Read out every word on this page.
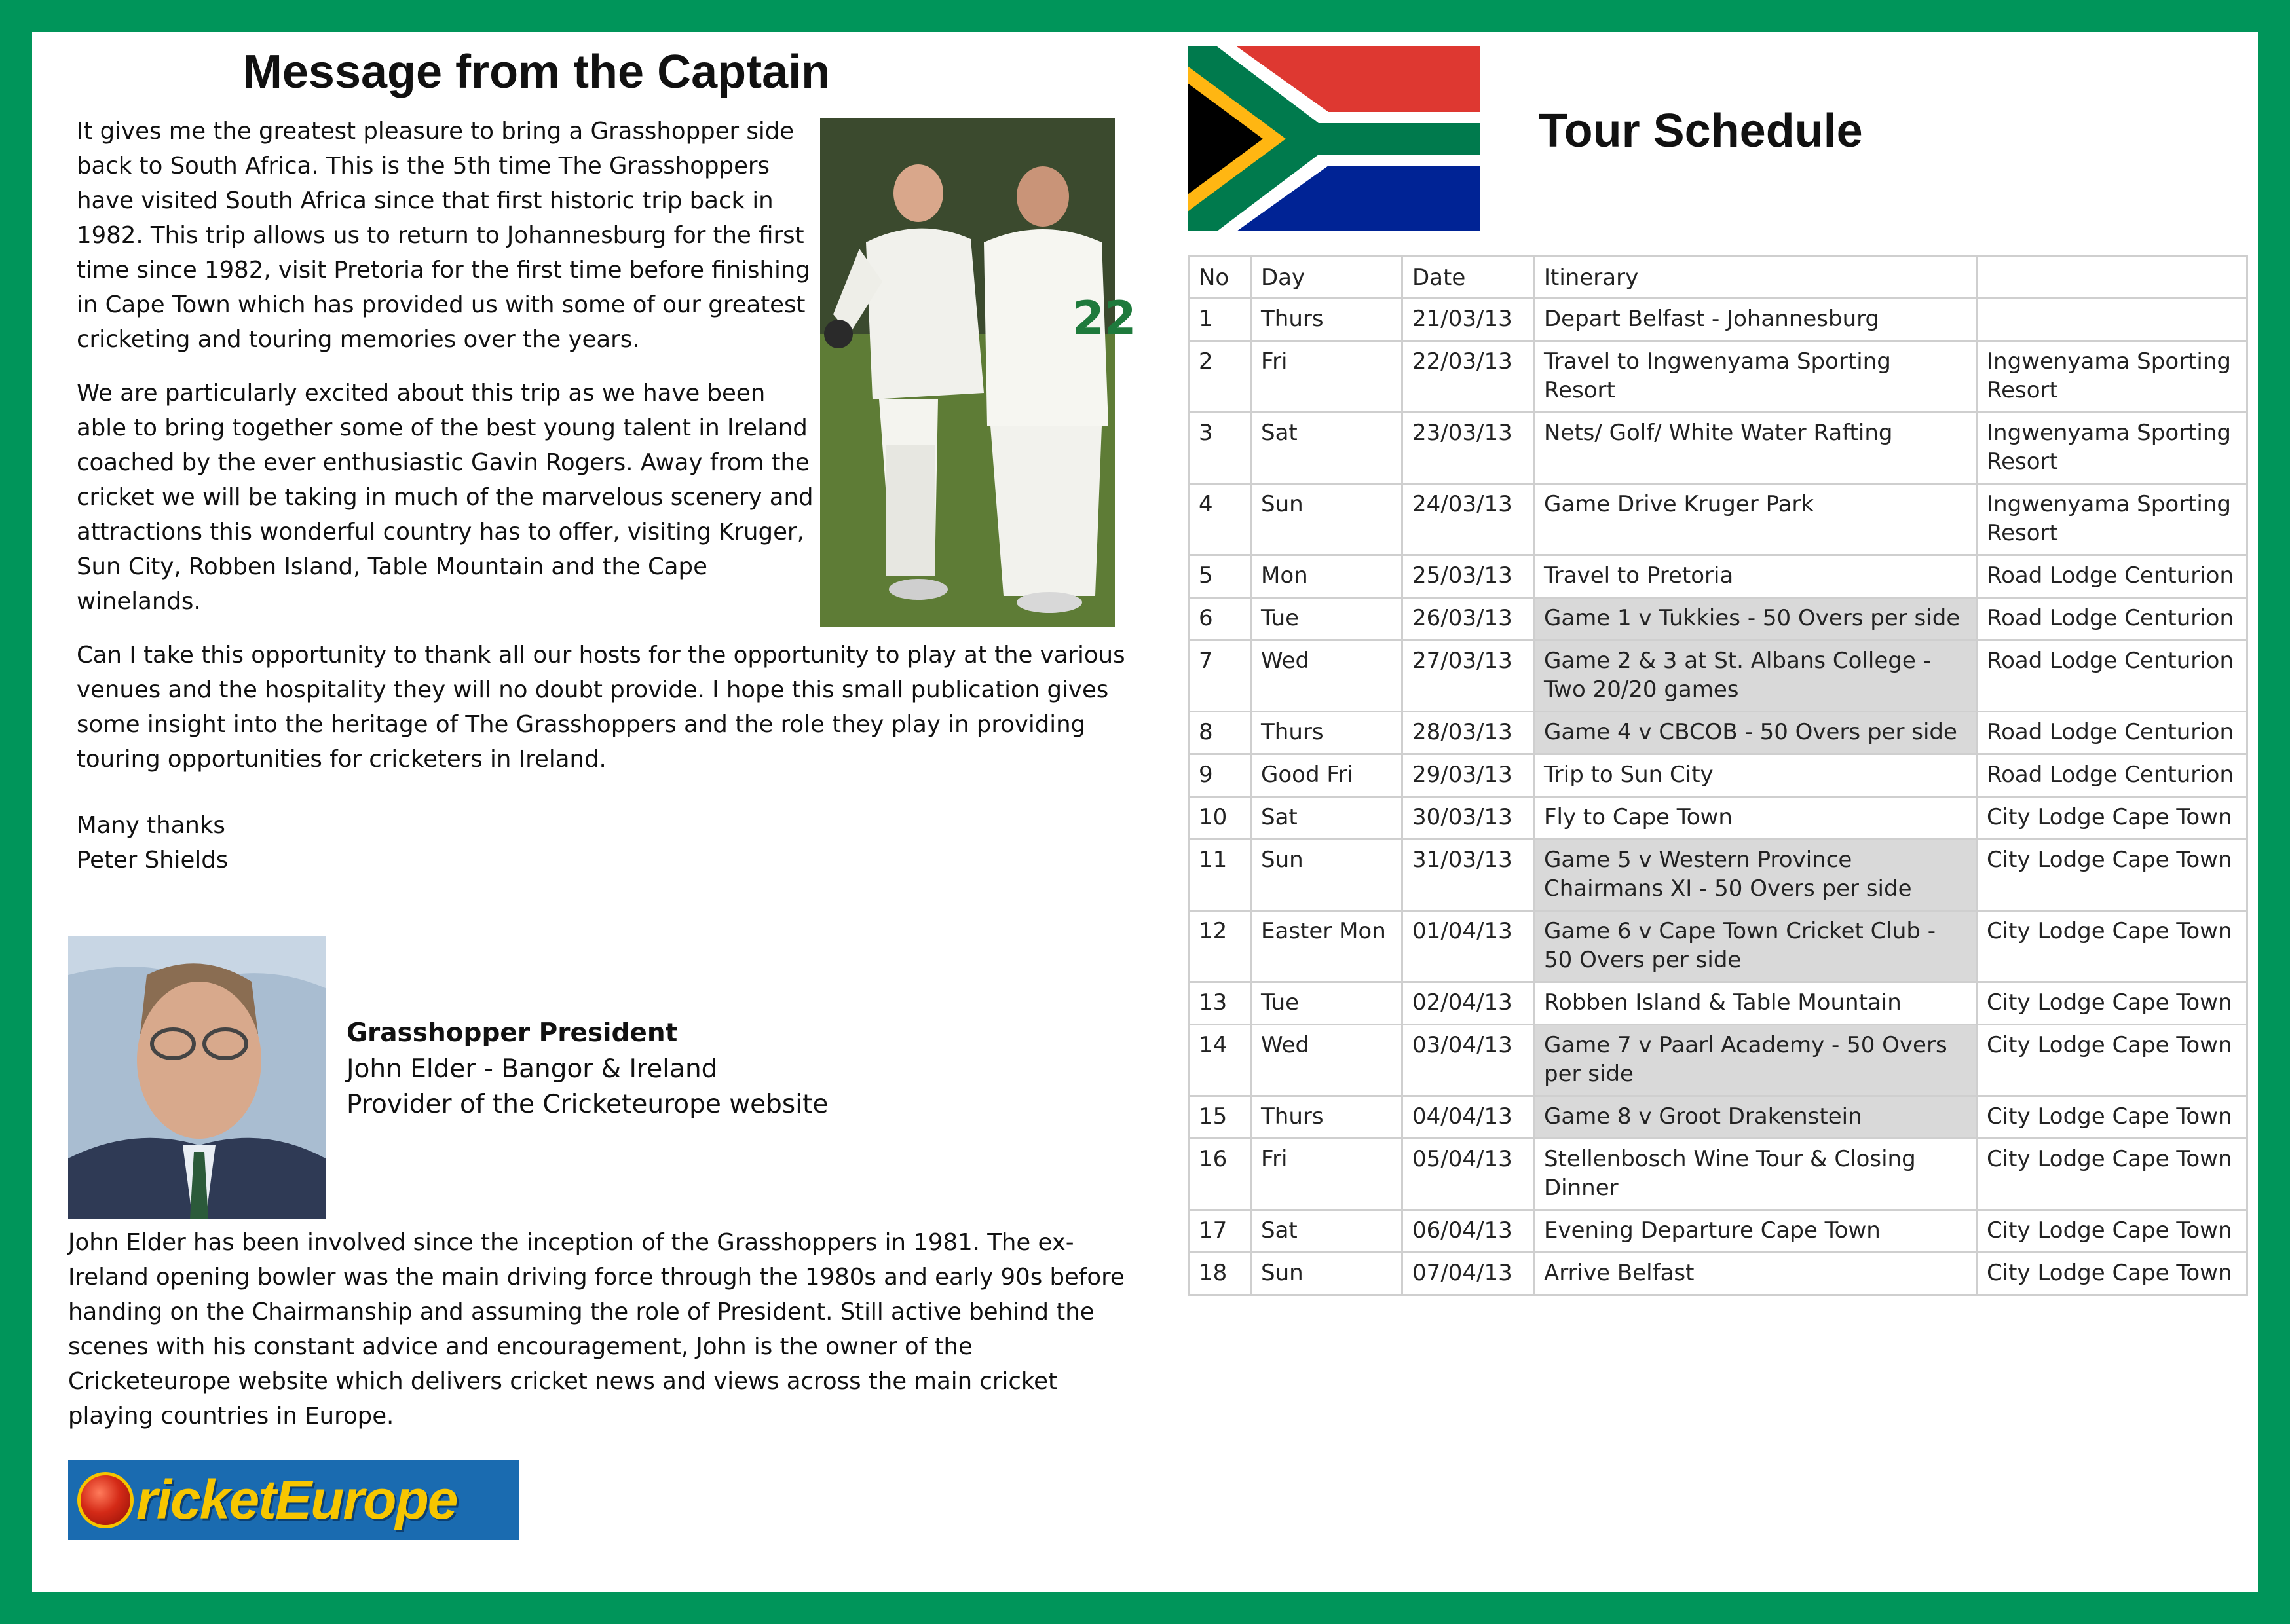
Message from the Captain

It gives me the greatest pleasure to bring a Grasshopper side back to South Africa. This is the 5th time The Grasshoppers have visited South Africa since that first historic trip back in 1982. This trip allows us to return to Johannesburg for the first time since 1982, visit Pretoria for the first time before finishing in Cape Town which has provided us with some of our greatest cricketing and touring memories over the years.	22

We are particularly excited about this trip as we have been able to bring together some of the best young talent in Ireland coached by the ever enthusiastic Gavin Rogers. Away from the cricket we will be taking in much of the marvelous scenery and attractions this wonderful country has to offer, visiting Kruger, Sun City, Robben Island, Table Mountain and the Cape winelands.

Can I take this opportunity to thank all our hosts for the opportunity to play at the various venues and the hospitality they will no doubt provide. I hope this small publication gives some insight into the heritage of The Grasshoppers and the role they play in providing touring opportunities for cricketers in Ireland.

Many thanks
Peter Shields
Grasshopper President
John Elder - Bangor & Ireland
Provider of the Cricketeurope website

John Elder has been involved since the inception of the Grasshoppers in 1981. The ex-Ireland opening bowler was the main driving force through the 1980s and early 90s before handing on the Chairmanship and assuming the role of President. Still active behind the scenes with his constant advice and encouragement, John is the owner of the Cricketeurope website which delivers cricket news and views across the main cricket playing countries in Europe.

ricketEurope
Tour Schedule
No	Day	Date	Itinerary	
1	Thurs	21/03/13	Depart Belfast - Johannesburg	
2	Fri	22/03/13	Travel to Ingwenyama Sporting Resort	Ingwenyama Sporting Resort
3	Sat	23/03/13	Nets/ Golf/ White Water Rafting	Ingwenyama Sporting Resort
4	Sun	24/03/13	Game Drive Kruger Park	Ingwenyama Sporting Resort
5	Mon	25/03/13	Travel to Pretoria	Road Lodge Centurion
6	Tue	26/03/13	Game 1 v Tukkies - 50 Overs per side	Road Lodge Centurion
7	Wed	27/03/13	Game 2 & 3 at St. Albans College - Two 20/20 games	Road Lodge Centurion
8	Thurs	28/03/13	Game 4 v CBCOB - 50 Overs per side	Road Lodge Centurion
9	Good Fri	29/03/13	Trip to Sun City	Road Lodge Centurion
10	Sat	30/03/13	Fly to Cape Town	City Lodge Cape Town
11	Sun	31/03/13	Game 5 v Western Province Chairmans XI - 50 Overs per side	City Lodge Cape Town
12	Easter Mon	01/04/13	Game 6 v Cape Town Cricket Club - 50 Overs per side	City Lodge Cape Town
13	Tue	02/04/13	Robben Island & Table Mountain	City Lodge Cape Town
14	Wed	03/04/13	Game 7 v Paarl Academy - 50 Overs per side	City Lodge Cape Town
15	Thurs	04/04/13	Game 8 v Groot Drakenstein	City Lodge Cape Town
16	Fri	05/04/13	Stellenbosch Wine Tour & Closing Dinner	City Lodge Cape Town
17	Sat	06/04/13	Evening Departure Cape Town	City Lodge Cape Town
18	Sun	07/04/13	Arrive Belfast	City Lodge Cape Town
